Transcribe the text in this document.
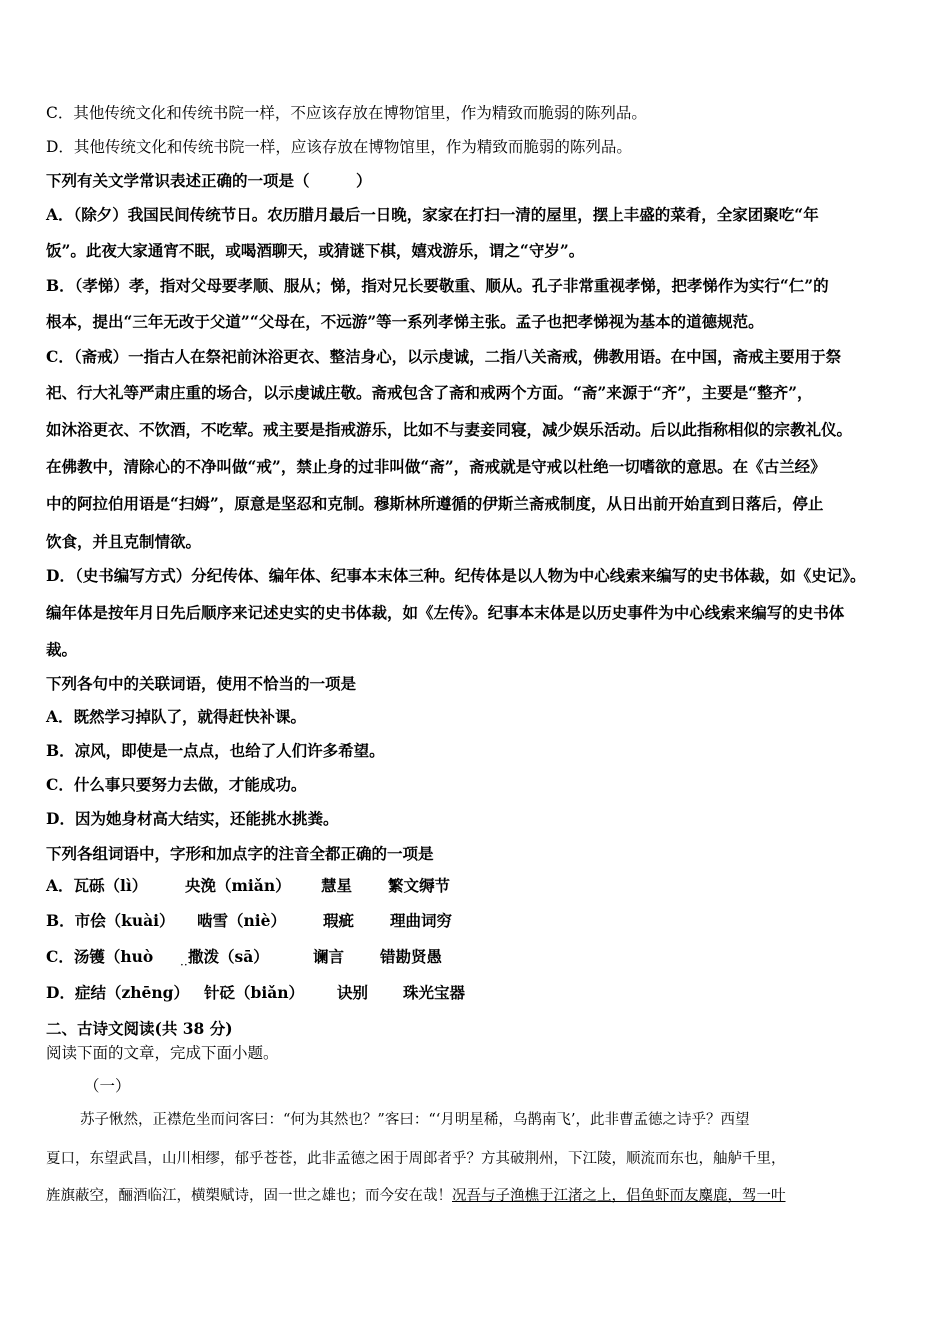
C．其他传统文化和传统书院一样，不应该存放在博物馆里，作为精致而脆弱的陈列品。
D．其他传统文化和传统书院一样，应该存放在博物馆里，作为精致而脆弱的陈列品。
下列有关文学常识表述正确的一项是（　　　）
A．（除夕）我国民间传统节日。农历腊月最后一日晚，家家在打扫一清的屋里，摆上丰盛的菜肴，全家团聚吃“年
饭”。此夜大家通宵不眠，或喝酒聊天，或猜谜下棋，嬉戏游乐，谓之“守岁”。
B．（孝悌）孝，指对父母要孝顺、服从；悌，指对兄长要敬重、顺从。孔子非常重视孝悌，把孝悌作为实行“仁”的
根本，提出“三年无改于父道”“父母在，不远游”等一系列孝悌主张。孟子也把孝悌视为基本的道德规范。
C．（斋戒）一指古人在祭祀前沐浴更衣、整洁身心，以示虔诚，二指八关斋戒，佛教用语。在中国，斋戒主要用于祭
祀、行大礼等严肃庄重的场合，以示虔诚庄敬。斋戒包含了斋和戒两个方面。“斋”来源于“齐”，主要是“整齐”，
如沐浴更衣、不饮酒，不吃荤。戒主要是指戒游乐，比如不与妻妾同寝，减少娱乐活动。后以此指称相似的宗教礼仪。
在佛教中，清除心的不净叫做“戒”，禁止身的过非叫做“斋”，斋戒就是守戒以杜绝一切嗜欲的意思。在《古兰经》
中的阿拉伯用语是“扫姆”，原意是坚忍和克制。穆斯林所遵循的伊斯兰斋戒制度，从日出前开始直到日落后，停止
饮食，并且克制情欲。
D．（史书编写方式）分纪传体、编年体、纪事本末体三种。纪传体是以人物为中心线索来编写的史书体裁，如《史记》。
编年体是按年月日先后顺序来记述史实的史书体裁，如《左传》。纪事本末体是以历史事件为中心线索来编写的史书体
裁。
下列各句中的关联词语，使用不恰当的一项是
A．既然学习掉队了，就得赶快补课。
B．凉风，即使是一点点，也给了人们许多希望。
C．什么事只要努力去做，才能成功。
D．因为她身材高大结实，还能挑水挑粪。
下列各组词语中，字形和加点字的注音全都正确的一项是
A．瓦砾（lì） 央浼（miǎn） 慧星 繁文缛节
B．市侩（kuài） 啮雪（niè） 瑕疵 理曲词穷
C．汤镬（huò 撒泼（sā）
··	谰言 错勘贤愚
D．症结（zhēng） 针砭（biǎn） 诀别 珠光宝器
二、古诗文阅读(共 38 分)
阅读下面的文章，完成下面小题。
（一）
苏子愀然，正襟危坐而问客曰：“何为其然也？”客曰：“‘月明星稀，乌鹊南飞’，此非曹孟德之诗乎？西望
夏口，东望武昌，山川相缪，郁乎苍苍，此非孟德之困于周郎者乎？方其破荆州，下江陵，顺流而东也，舳舻千里，
旌旗蔽空，酾酒临江，横槊赋诗，固一世之雄也；而今安在哉！况吾与子渔樵于江渚之上，侣鱼虾而友麋鹿，驾一叶
